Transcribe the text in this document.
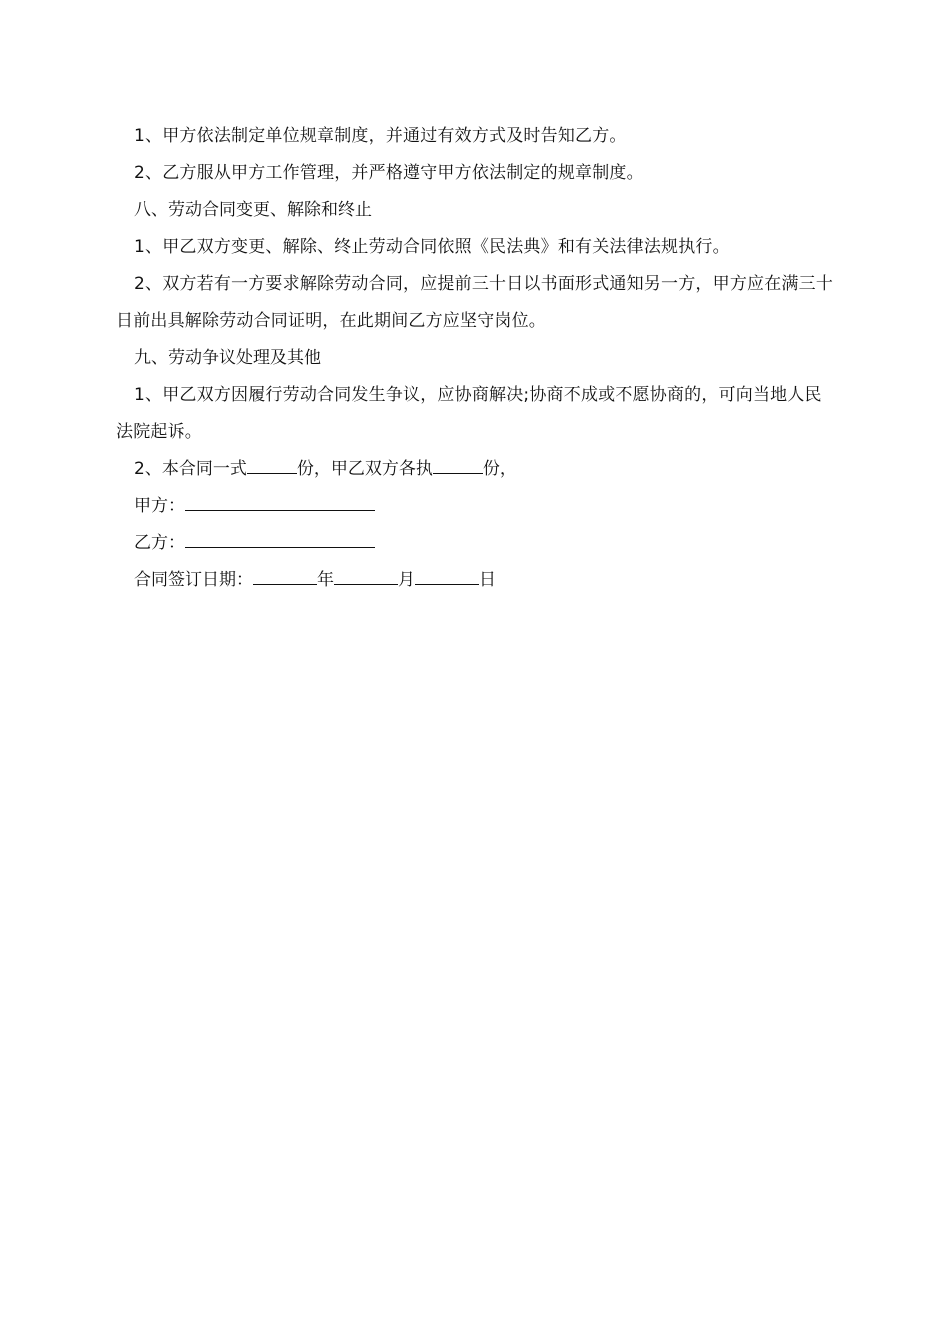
1、甲方依法制定单位规章制度，并通过有效方式及时告知乙方。

2、乙方服从甲方工作管理，并严格遵守甲方依法制定的规章制度。

八、劳动合同变更、解除和终止

1、甲乙双方变更、解除、终止劳动合同依照《民法典》和有关法律法规执行。

2、双方若有一方要求解除劳动合同，应提前三十日以书面形式通知另一方，甲方应在满三十日前出具解除劳动合同证明，在此期间乙方应坚守岗位。

九、劳动争议处理及其他

1、甲乙双方因履行劳动合同发生争议，应协商解决;协商不成或不愿协商的，可向当地人民法院起诉。

2、本合同一式	份，甲乙双方各执	份，

甲方：

乙方：

合同签订日期：	年	月	日
